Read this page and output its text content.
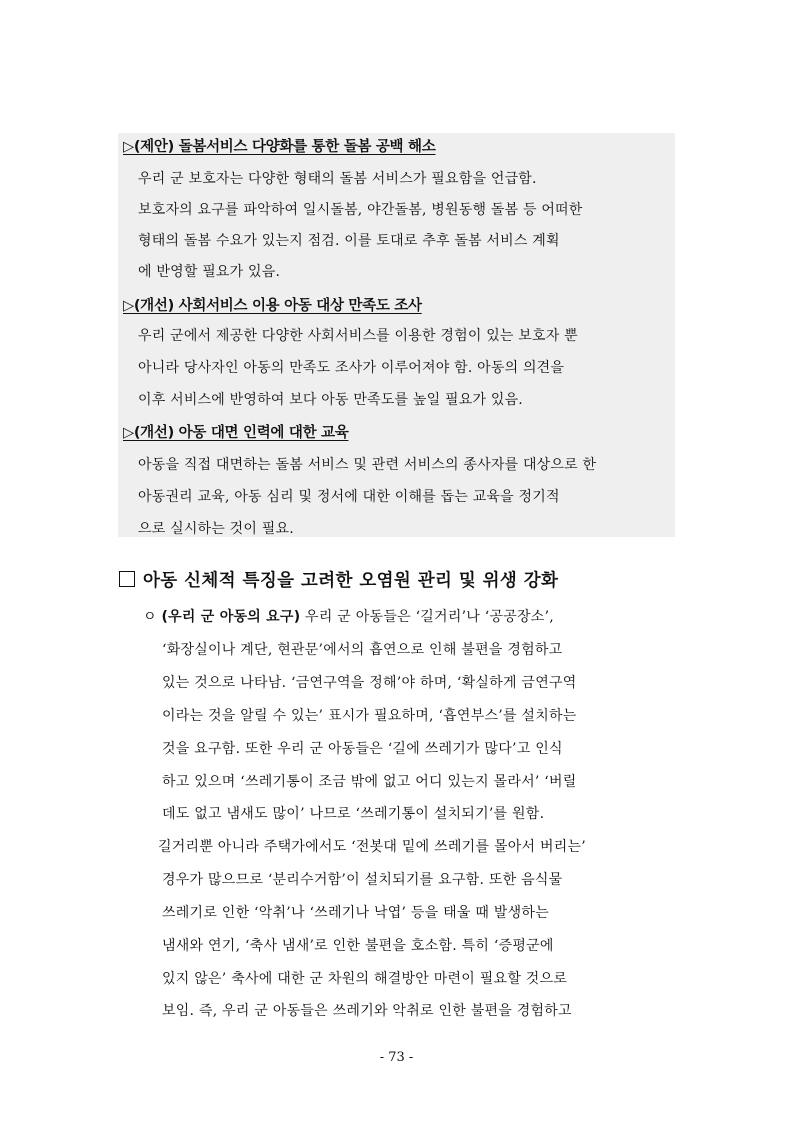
▷(제안) 돌봄서비스 다양화를 통한 돌봄 공백 해소
우리 군 보호자는 다양한 형태의 돌봄 서비스가 필요함을 언급함.
보호자의 요구를 파악하여 일시돌봄, 야간돌봄, 병원동행 돌봄 등 어떠한
형태의 돌봄 수요가 있는지 점검. 이를 토대로 추후 돌봄 서비스 계획
에 반영할 필요가 있음.
▷(개선) 사회서비스 이용 아동 대상 만족도 조사
우리 군에서 제공한 다양한 사회서비스를 이용한 경험이 있는 보호자 뿐
아니라 당사자인 아동의 만족도 조사가 이루어져야 함. 아동의 의견을
이후 서비스에 반영하여 보다 아동 만족도를 높일 필요가 있음.
▷(개선) 아동 대면 인력에 대한 교육
아동을 직접 대면하는 돌봄 서비스 및 관련 서비스의 종사자를 대상으로 한
아동권리 교육, 아동 심리 및 정서에 대한 이해를 돕는 교육을 정기적
으로 실시하는 것이 필요.
아동 신체적 특징을 고려한 오염원 관리 및 위생 강화
ㅇ (우리 군 아동의 요구) 우리 군 아동들은 ‘길거리’나 ‘공공장소’,
‘화장실이나 계단, 현관문’에서의 흡연으로 인해 불편을 경험하고
있는 것으로 나타남. ‘금연구역을 정해’야 하며, ‘확실하게 금연구역
이라는 것을 알릴 수 있는’ 표시가 필요하며, ‘흡연부스’를 설치하는
것을 요구함. 또한 우리 군 아동들은 ‘길에 쓰레기가 많다’고 인식
하고 있으며 ‘쓰레기통이 조금 밖에 없고 어디 있는지 몰라서’ ‘버릴
데도 없고 냄새도 많이’ 나므로 ‘쓰레기통이 설치되기’를 원함.
길거리뿐 아니라 주택가에서도 ‘전봇대 밑에 쓰레기를 몰아서 버리는’
경우가 많으므로 ‘분리수거함’이 설치되기를 요구함. 또한 음식물
쓰레기로 인한 ‘악취’나 ‘쓰레기나 낙엽’ 등을 태울 때 발생하는
냄새와 연기, ‘축사 냄새’로 인한 불편을 호소함. 특히 ‘증평군에
있지 않은’ 축사에 대한 군 차원의 해결방안 마련이 필요할 것으로
보임. 즉, 우리 군 아동들은 쓰레기와 악취로 인한 불편을 경험하고
- 73 -
